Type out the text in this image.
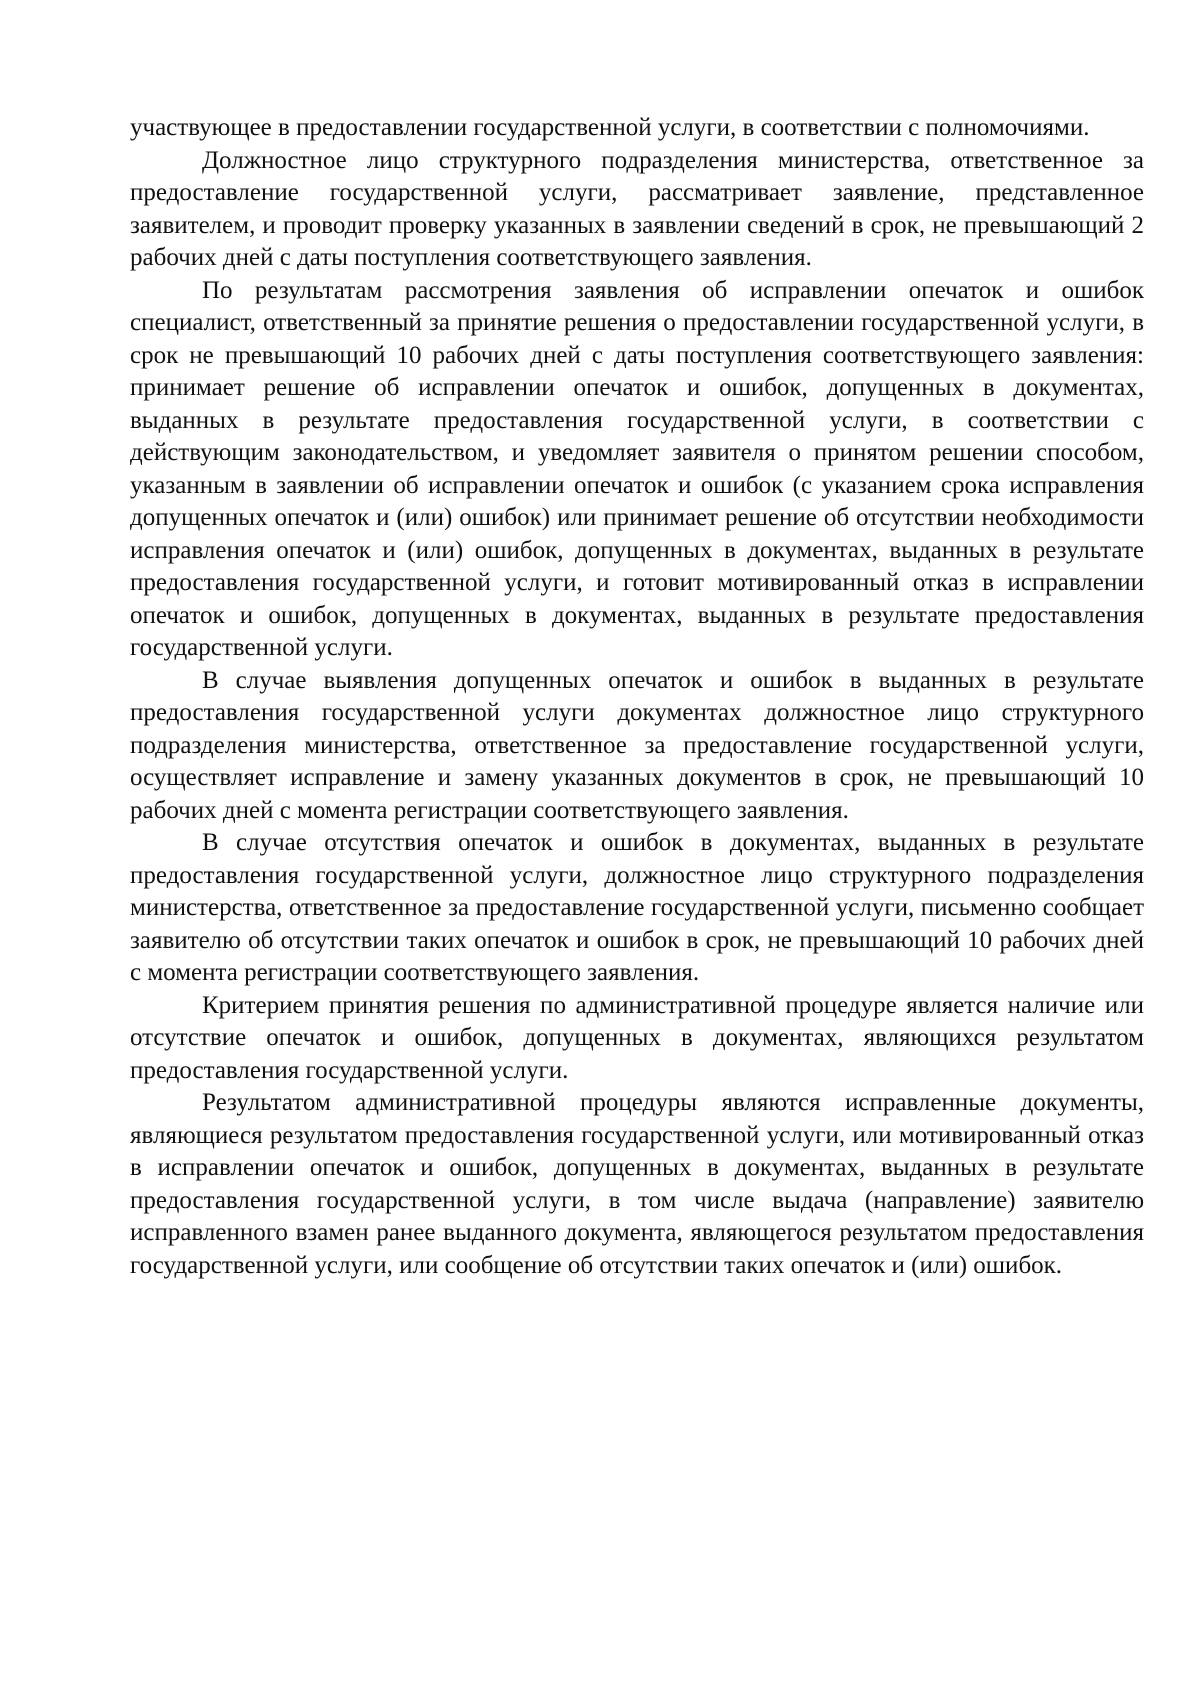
участвующее в предоставлении государственной услуги, в соответствии с полномочиями.

Должностное лицо структурного подразделения министерства, ответственное за предоставление государственной услуги, рассматривает заявление, представленное заявителем, и проводит проверку указанных в заявлении сведений в срок, не превышающий 2 рабочих дней с даты поступления соответствующего заявления.

По результатам рассмотрения заявления об исправлении опечаток и ошибок специалист, ответственный за принятие решения о предоставлении государственной услуги, в срок не превышающий 10 рабочих дней с даты поступления соответствующего заявления: принимает решение об исправлении опечаток и ошибок, допущенных в документах, выданных в результате предоставления государственной услуги, в соответствии с действующим законодательством, и уведомляет заявителя о принятом решении способом, указанным в заявлении об исправлении опечаток и ошибок (с указанием срока исправления допущенных опечаток и (или) ошибок) или принимает решение об отсутствии необходимости исправления опечаток и (или) ошибок, допущенных в документах, выданных в результате предоставления государственной услуги, и готовит мотивированный отказ в исправлении опечаток и ошибок, допущенных в документах, выданных в результате предоставления государственной услуги.

В случае выявления допущенных опечаток и ошибок в выданных в результате предоставления государственной услуги документах должностное лицо структурного подразделения министерства, ответственное за предоставление государственной услуги, осуществляет исправление и замену указанных документов в срок, не превышающий 10 рабочих дней с момента регистрации соответствующего заявления.

В случае отсутствия опечаток и ошибок в документах, выданных в результате предоставления государственной услуги, должностное лицо структурного подразделения министерства, ответственное за предоставление государственной услуги, письменно сообщает заявителю об отсутствии таких опечаток и ошибок в срок, не превышающий 10 рабочих дней с момента регистрации соответствующего заявления.

Критерием принятия решения по административной процедуре является наличие или отсутствие опечаток и ошибок, допущенных в документах, являющихся результатом предоставления государственной услуги.

Результатом административной процедуры являются исправленные документы, являющиеся результатом предоставления государственной услуги, или мотивированный отказ в исправлении опечаток и ошибок, допущенных в документах, выданных в результате предоставления государственной услуги, в том числе выдача (направление) заявителю исправленного взамен ранее выданного документа, являющегося результатом предоставления государственной услуги, или сообщение об отсутствии таких опечаток и (или) ошибок.
